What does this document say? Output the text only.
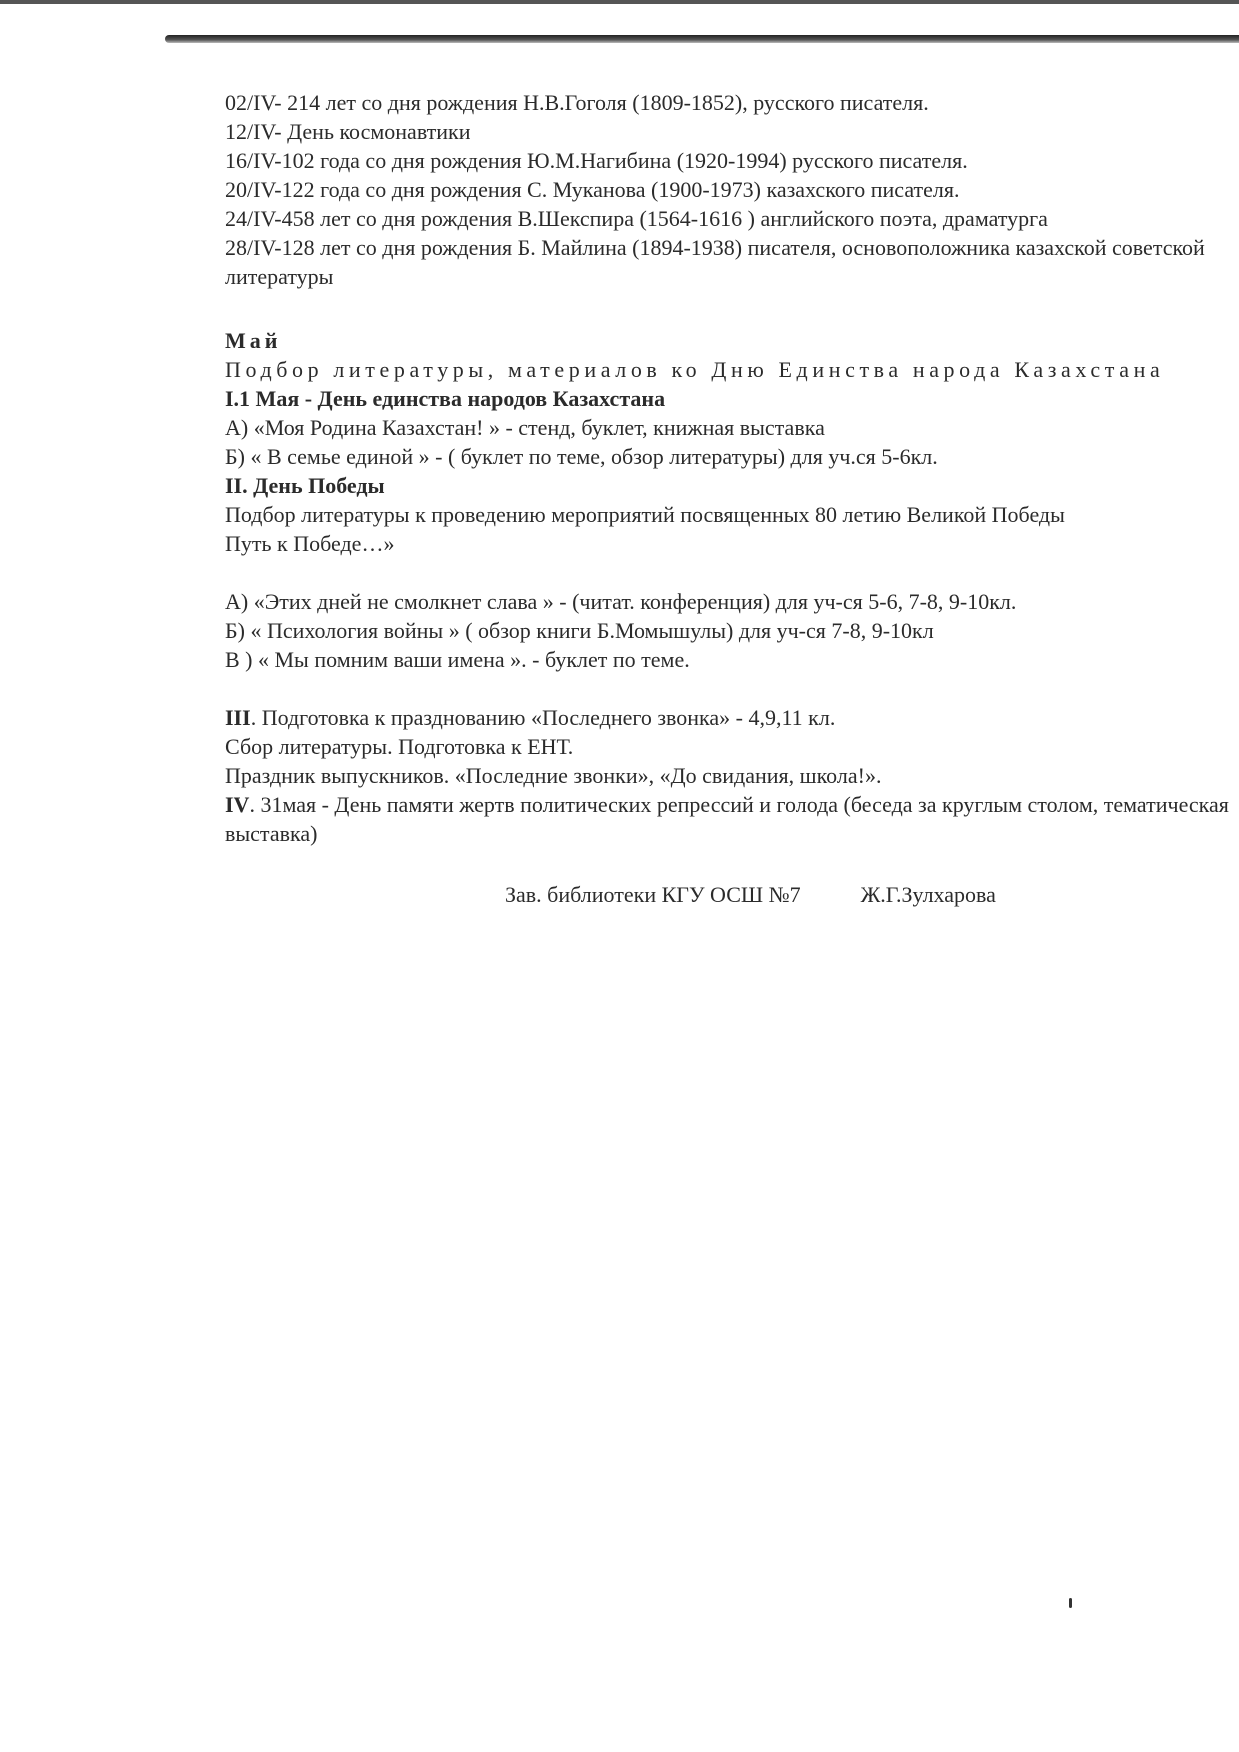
02/IV- 214 лет со дня рождения Н.В.Гоголя (1809-1852), русского писателя.

12/IV- День космонавтики

16/IV-102 года со дня рождения Ю.М.Нагибина (1920-1994) русского писателя.

20/IV-122 года со дня рождения С. Муканова (1900-1973) казахского писателя.

24/IV-458 лет со дня рождения В.Шекспира (1564-1616 ) английского поэта, драматурга

28/IV-128 лет со дня рождения Б. Майлина (1894-1938) писателя, основоположника казахской советской литературы

Май

Подбор литературы, материалов ко Дню Единства народа Казахстана

I.1 Мая - День единства народов Казахстана

А) «Моя Родина Казахстан! » - стенд, буклет, книжная выставка

Б) « В семье единой » - ( буклет по теме, обзор литературы) для уч.ся 5-6кл.

II. День Победы

Подбор литературы к проведению мероприятий посвященных 80 летию Великой Победы

Путь к Победе…»

А) «Этих дней не смолкнет слава » - (читат. конференция) для уч-ся 5-6, 7-8, 9-10кл.

Б) « Психология войны » ( обзор книги Б.Момышулы) для уч-ся 7-8, 9-10кл

В ) « Мы помним ваши имена ». - буклет по теме.

III. Подготовка к празднованию «Последнего звонка» - 4,9,11 кл.

Сбор литературы. Подготовка к ЕНТ.

Праздник выпускников. «Последние звонки», «До свидания, школа!».

IV. 31мая - День памяти жертв политических репрессий и голода (беседа за круглым столом, тематическая выставка)

Зав. библиотеки КГУ ОСШ №7	Ж.Г.Зулхарова
